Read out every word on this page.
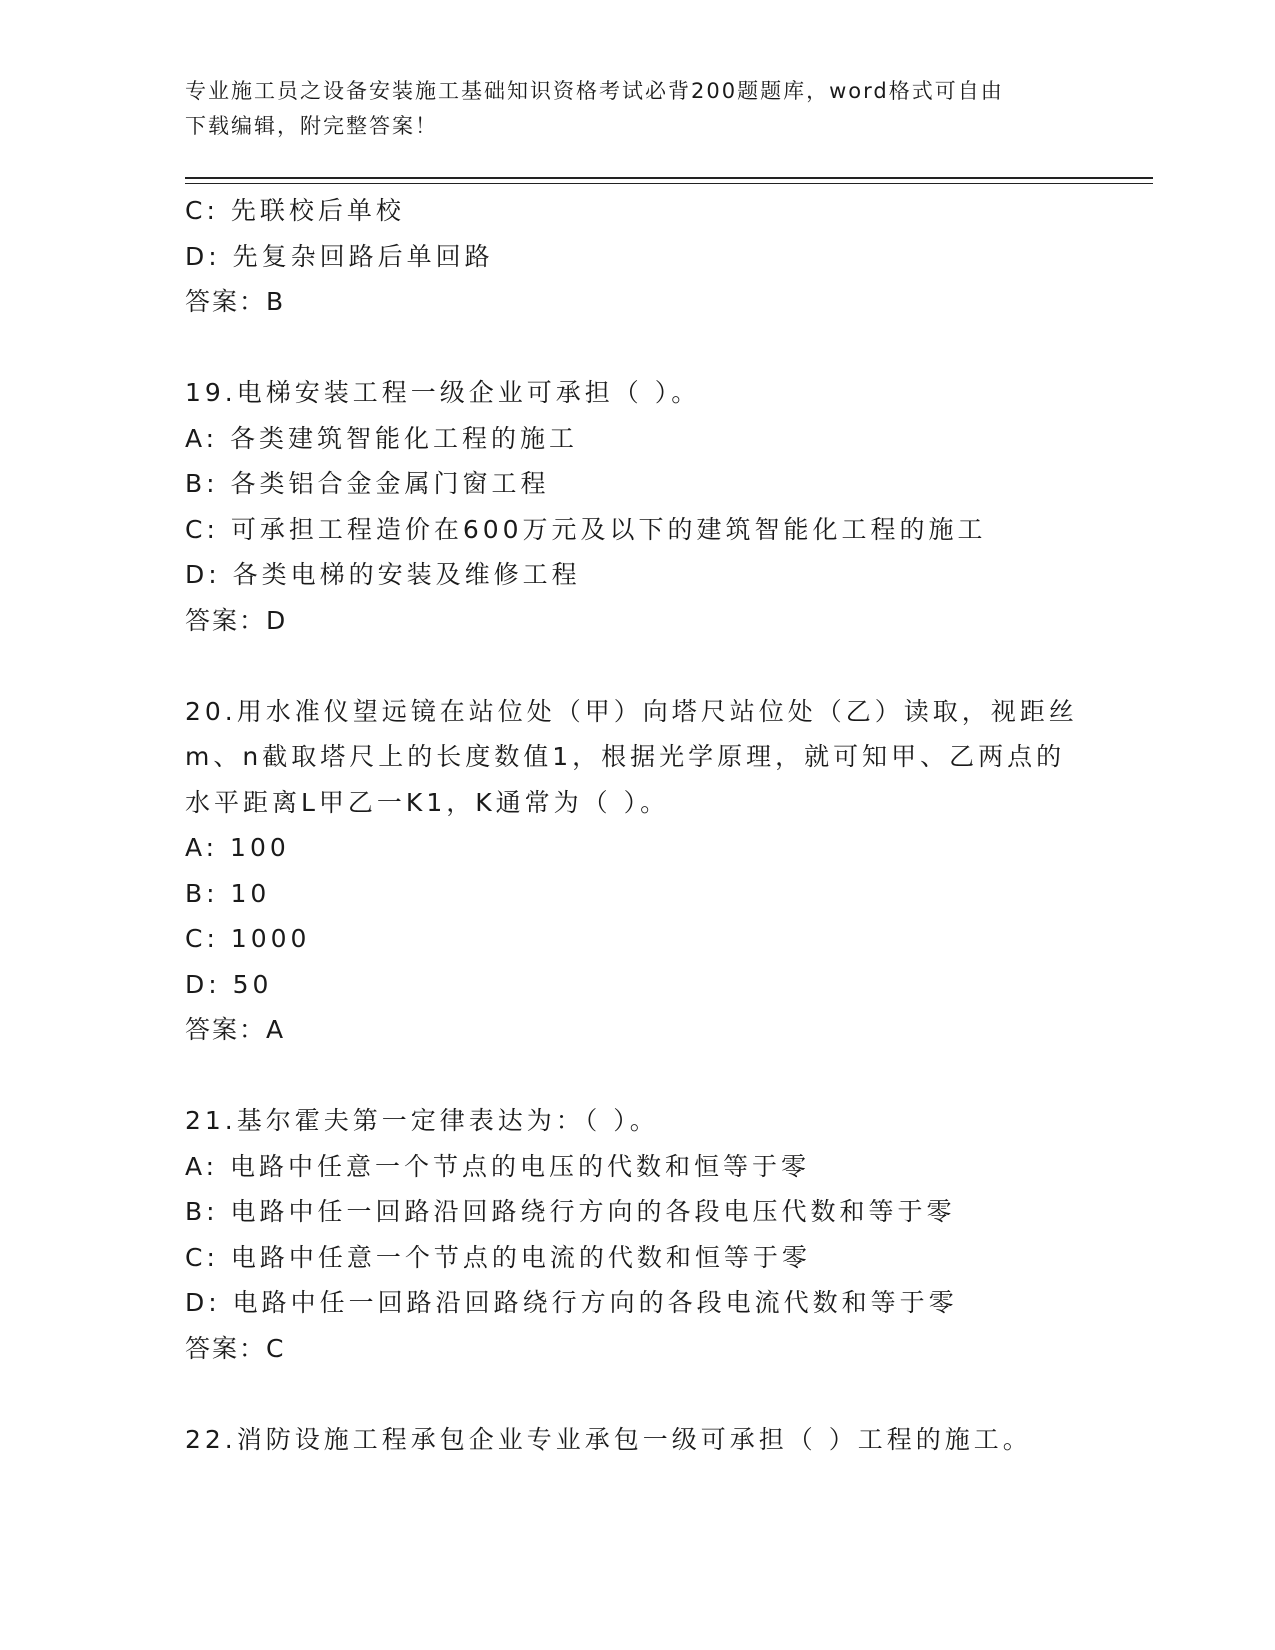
专业施工员之设备安装施工基础知识资格考试必背200题题库，word格式可自由
下载编辑，附完整答案！
C: 先联校后单校
D: 先复杂回路后单回路
答案：B
19.电梯安装工程一级企业可承担（ ）。
A: 各类建筑智能化工程的施工
B: 各类铝合金金属门窗工程
C: 可承担工程造价在600万元及以下的建筑智能化工程的施工
D: 各类电梯的安装及维修工程
答案：D
20.用水准仪望远镜在站位处（甲）向塔尺站位处（乙）读取，视距丝
m、n截取塔尺上的长度数值1，根据光学原理，就可知甲、乙两点的
水平距离L甲乙一K1，K通常为（ ）。
A: 100
B: 10
C: 1000
D: 50
答案：A
21.基尔霍夫第一定律表达为：（ ）。
A: 电路中任意一个节点的电压的代数和恒等于零
B: 电路中任一回路沿回路绕行方向的各段电压代数和等于零
C: 电路中任意一个节点的电流的代数和恒等于零
D: 电路中任一回路沿回路绕行方向的各段电流代数和等于零
答案：C
22.消防设施工程承包企业专业承包一级可承担（ ）工程的施工。
